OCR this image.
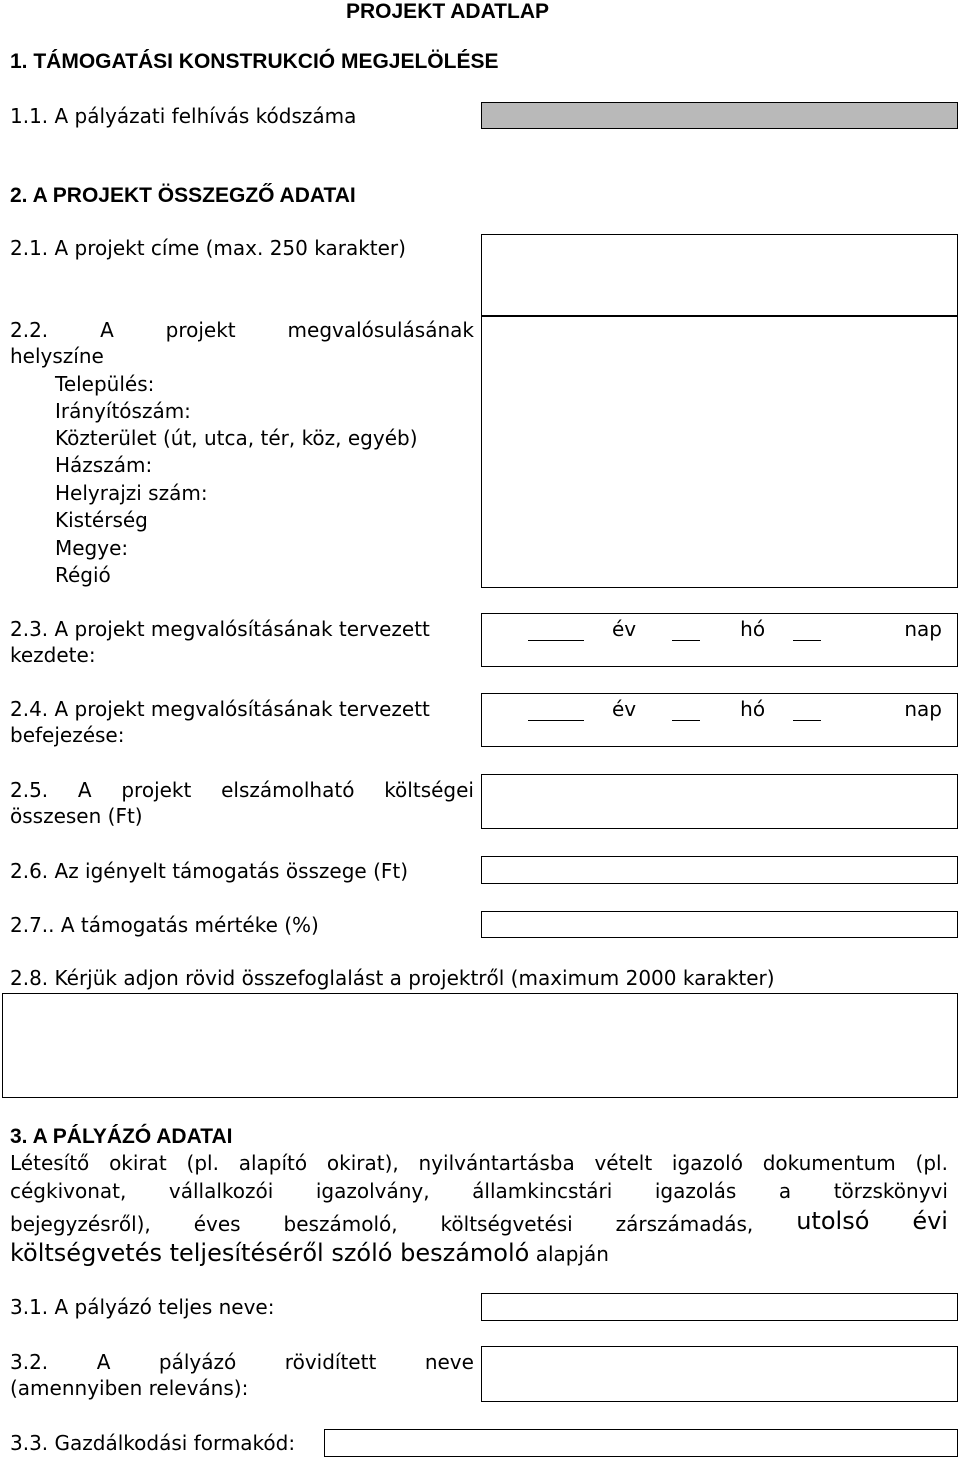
PROJEKT ADATLAP
1. TÁMOGATÁSI KONSTRUKCIÓ MEGJELÖLÉSE
1.1. A pályázati felhívás kódszáma
2. A PROJEKT ÖSSZEGZŐ ADATAI
2.1. A projekt címe (max. 250 karakter)
2.2.	A	projekt	megvalósulásának
helyszíne
Település:
Irányítószám:
Közterület (út, utca, tér, köz, egyéb)
Házszám:
Helyrajzi szám:
Kistérség
Megye:
Régió
2.3. A projekt megvalósításának tervezett
kezdete:
év	hó	nap
2.4. A projekt megvalósításának tervezett
befejezése:
év	hó	nap
2.5. A projekt elszámolható költségei
összesen (Ft)
2.6. Az igényelt támogatás összege (Ft)
2.7.. A támogatás mértéke (%)
2.8. Kérjük adjon rövid összefoglalást a projektről (maximum 2000 karakter)
3. A PÁLYÁZÓ ADATAI
Létesítő okirat (pl. alapító okirat), nyilvántartásba vételt igazoló dokumentum (pl.
cégkivonat, vállalkozói igazolvány, államkincstári igazolás a törzskönyvi
bejegyzésről), éves beszámoló, költségvetési zárszámadás, utolsó évi
költségvetés teljesítéséről szóló beszámoló alapján
3.1. A pályázó teljes neve:
3.2. A pályázó rövidített neve
(amennyiben releváns):
3.3. Gazdálkodási formakód:
